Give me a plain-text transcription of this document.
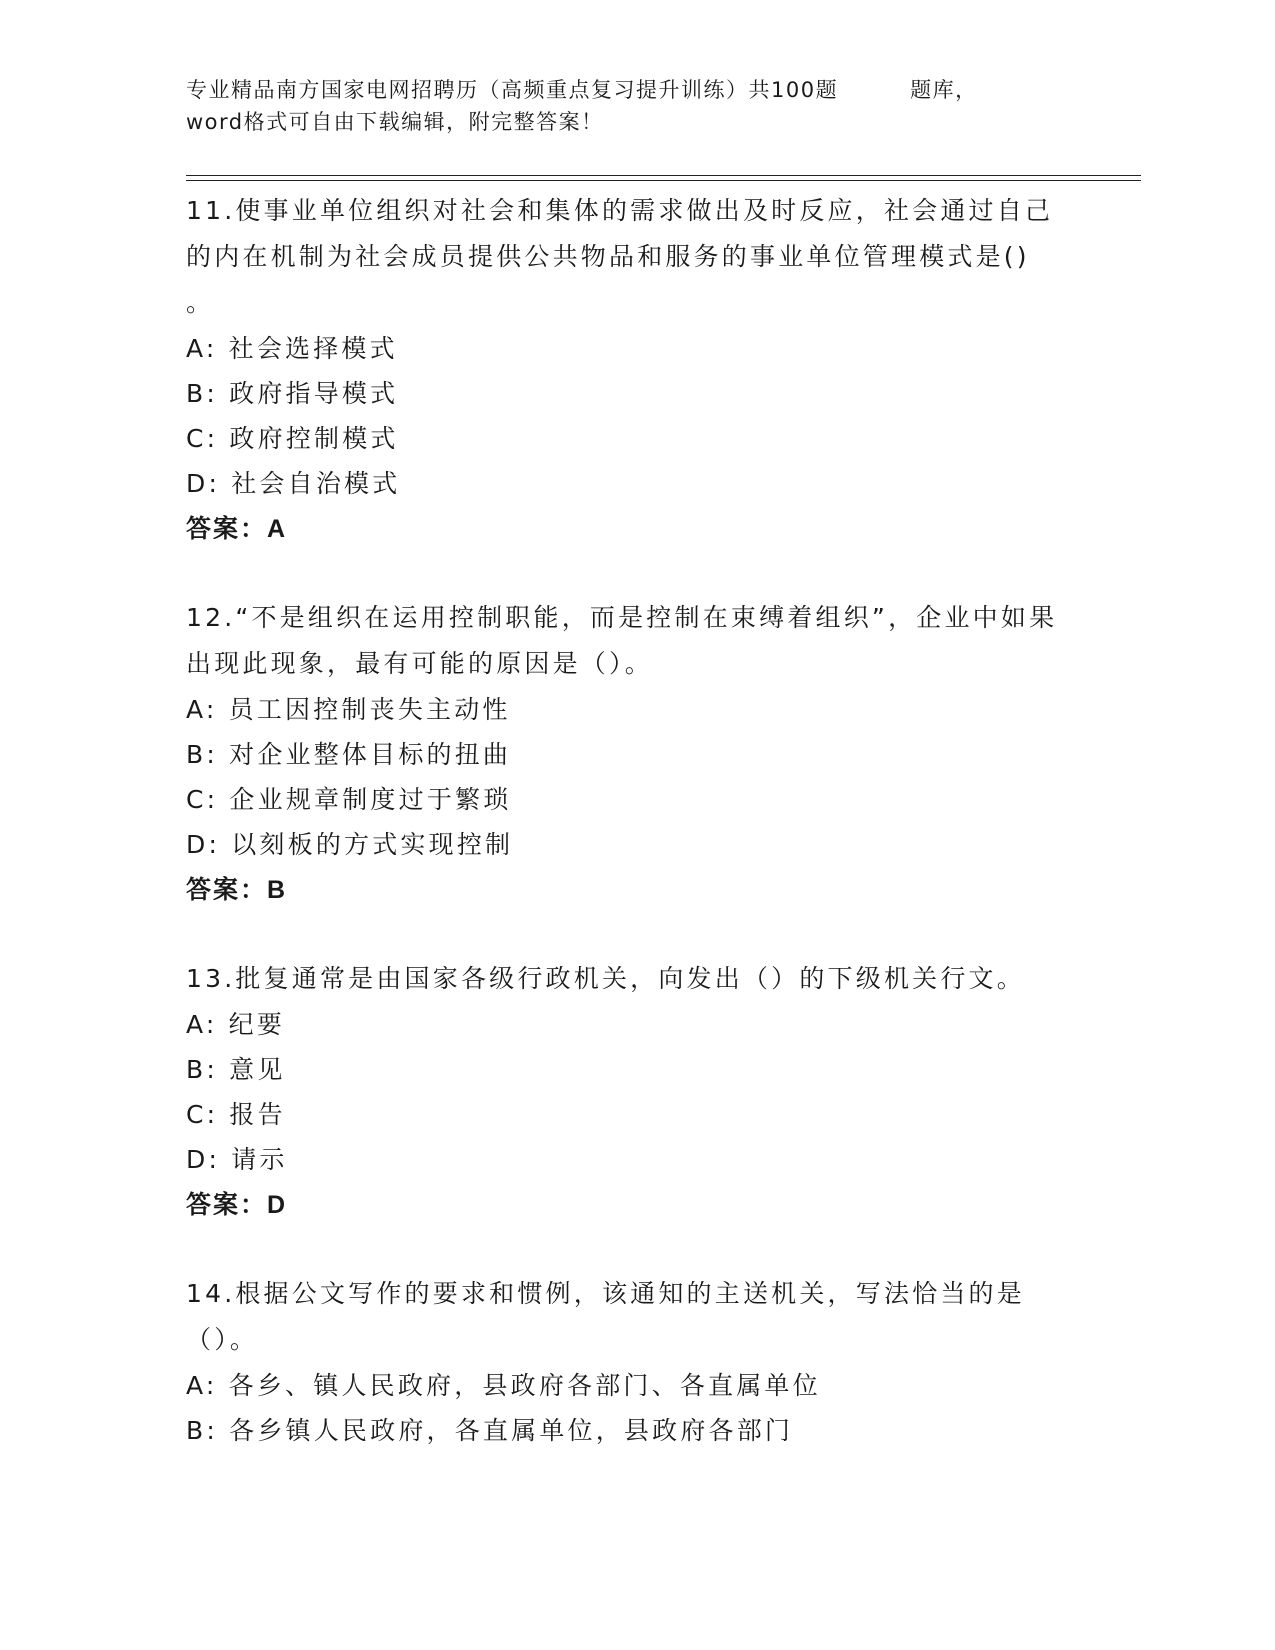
专业精品南方国家电网招聘历（高频重点复习提升训练）共100题	题库，
word格式可自由下载编辑，附完整答案！
11.使事业单位组织对社会和集体的需求做出及时反应，社会通过自己的内在机制为社会成员提供公共物品和服务的事业单位管理模式是()
。
A: 社会选择模式
B: 政府指导模式
C: 政府控制模式
D: 社会自治模式
答案：A
12.“不是组织在运用控制职能，而是控制在束缚着组织”，企业中如果出现此现象，最有可能的原因是（）。
A: 员工因控制丧失主动性
B: 对企业整体目标的扭曲
C: 企业规章制度过于繁琐
D: 以刻板的方式实现控制
答案：B
13.批复通常是由国家各级行政机关，向发出（）的下级机关行文。
A: 纪要
B: 意见
C: 报告
D: 请示
答案：D
14.根据公文写作的要求和惯例，该通知的主送机关，写法恰当的是（）。
A: 各乡、镇人民政府，县政府各部门、各直属单位
B: 各乡镇人民政府，各直属单位，县政府各部门
